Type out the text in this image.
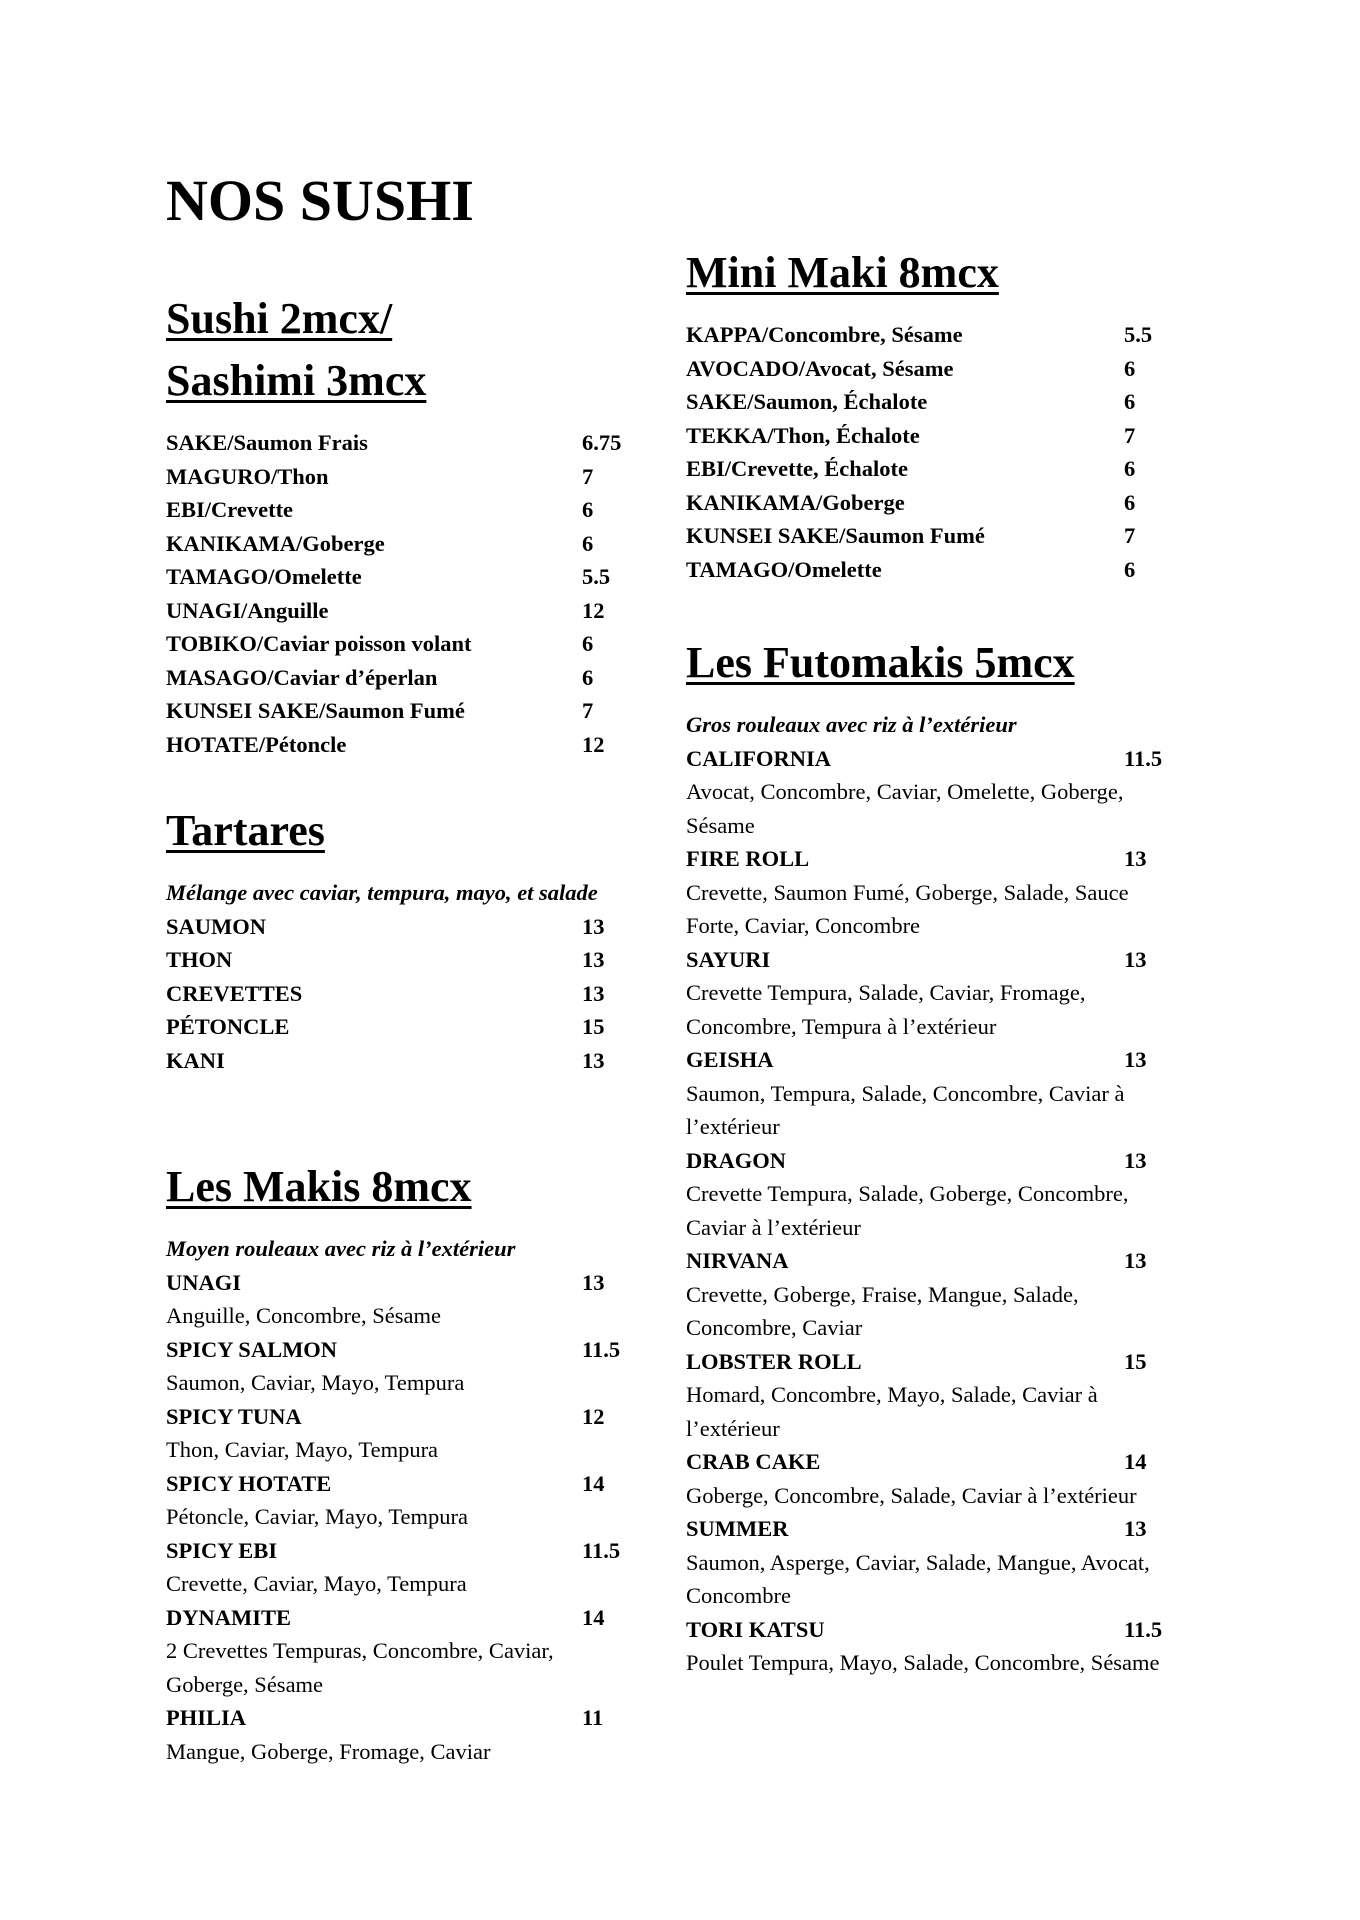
NOS SUSHI
Sushi 2mcx/
Sashimi 3mcx
SAKE/Saumon Frais	6.75
MAGURO/Thon	7
EBI/Crevette	6
KANIKAMA/Goberge	6
TAMAGO/Omelette	5.5
UNAGI/Anguille	12
TOBIKO/Caviar poisson volant	6
MASAGO/Caviar d’éperlan	6
KUNSEI SAKE/Saumon Fumé	7
HOTATE/Pétoncle	12
Tartares
Mélange avec caviar, tempura, mayo, et salade
SAUMON	13
THON	13
CREVETTES	13
PÉTONCLE	15
KANI	13
Les Makis 8mcx
Moyen rouleaux avec riz à l’extérieur
UNAGI	13
Anguille, Concombre, Sésame
SPICY SALMON	11.5
Saumon, Caviar, Mayo, Tempura
SPICY TUNA	12
Thon, Caviar, Mayo, Tempura
SPICY HOTATE	14
Pétoncle, Caviar, Mayo, Tempura
SPICY EBI	11.5
Crevette, Caviar, Mayo, Tempura
DYNAMITE	14
2 Crevettes Tempuras, Concombre, Caviar, Goberge, Sésame
PHILIA	11
Mangue, Goberge, Fromage, Caviar
Mini Maki 8mcx
KAPPA/Concombre, Sésame	5.5
AVOCADO/Avocat, Sésame	6
SAKE/Saumon, Échalote	6
TEKKA/Thon, Échalote	7
EBI/Crevette, Échalote	6
KANIKAMA/Goberge	6
KUNSEI SAKE/Saumon Fumé	7
TAMAGO/Omelette	6
Les Futomakis 5mcx
Gros rouleaux avec riz à l’extérieur
CALIFORNIA	11.5
Avocat, Concombre, Caviar, Omelette, Goberge, Sésame
FIRE ROLL	13
Crevette, Saumon Fumé, Goberge, Salade, Sauce Forte, Caviar, Concombre
SAYURI	13
Crevette Tempura, Salade, Caviar, Fromage, Concombre, Tempura à l’extérieur
GEISHA	13
Saumon, Tempura, Salade, Concombre, Caviar à l’extérieur
DRAGON	13
Crevette Tempura, Salade, Goberge, Concombre, Caviar à l’extérieur
NIRVANA	13
Crevette, Goberge, Fraise, Mangue, Salade, Concombre, Caviar
LOBSTER ROLL	15
Homard, Concombre, Mayo, Salade, Caviar à l’extérieur
CRAB CAKE	14
Goberge, Concombre, Salade, Caviar à l’extérieur
SUMMER	13
Saumon, Asperge, Caviar, Salade, Mangue, Avocat, Concombre
TORI KATSU	11.5
Poulet Tempura, Mayo, Salade, Concombre, Sésame
